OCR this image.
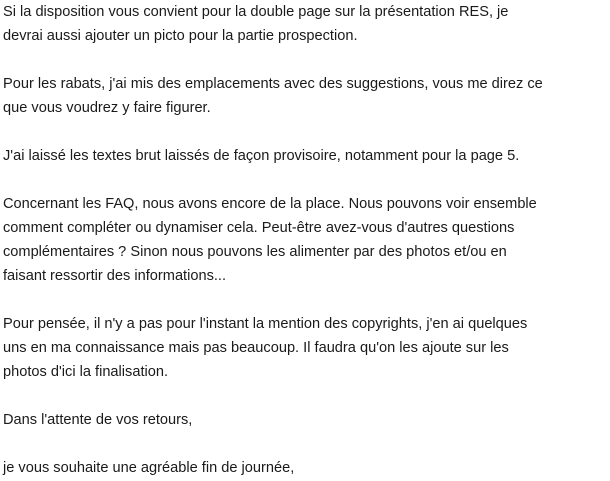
Si la disposition vous convient pour la double page sur la présentation RES, je
devrai aussi ajouter un picto pour la partie prospection.

Pour les rabats, j'ai mis des emplacements avec des suggestions, vous me direz ce
que vous voudrez y faire figurer.

J'ai laissé les textes brut laissés de façon provisoire, notamment pour la page 5.

Concernant les FAQ, nous avons encore de la place. Nous pouvons voir ensemble
comment compléter ou dynamiser cela. Peut-être avez-vous d'autres questions
complémentaires ? Sinon nous pouvons les alimenter par des photos et/ou en
faisant ressortir des informations...

Pour pensée, il n'y a pas pour l'instant la mention des copyrights, j'en ai quelques
uns en ma connaissance mais pas beaucoup. Il faudra qu'on les ajoute sur les
photos d'ici la finalisation.

Dans l'attente de vos retours,

je vous souhaite une agréable fin de journée,
